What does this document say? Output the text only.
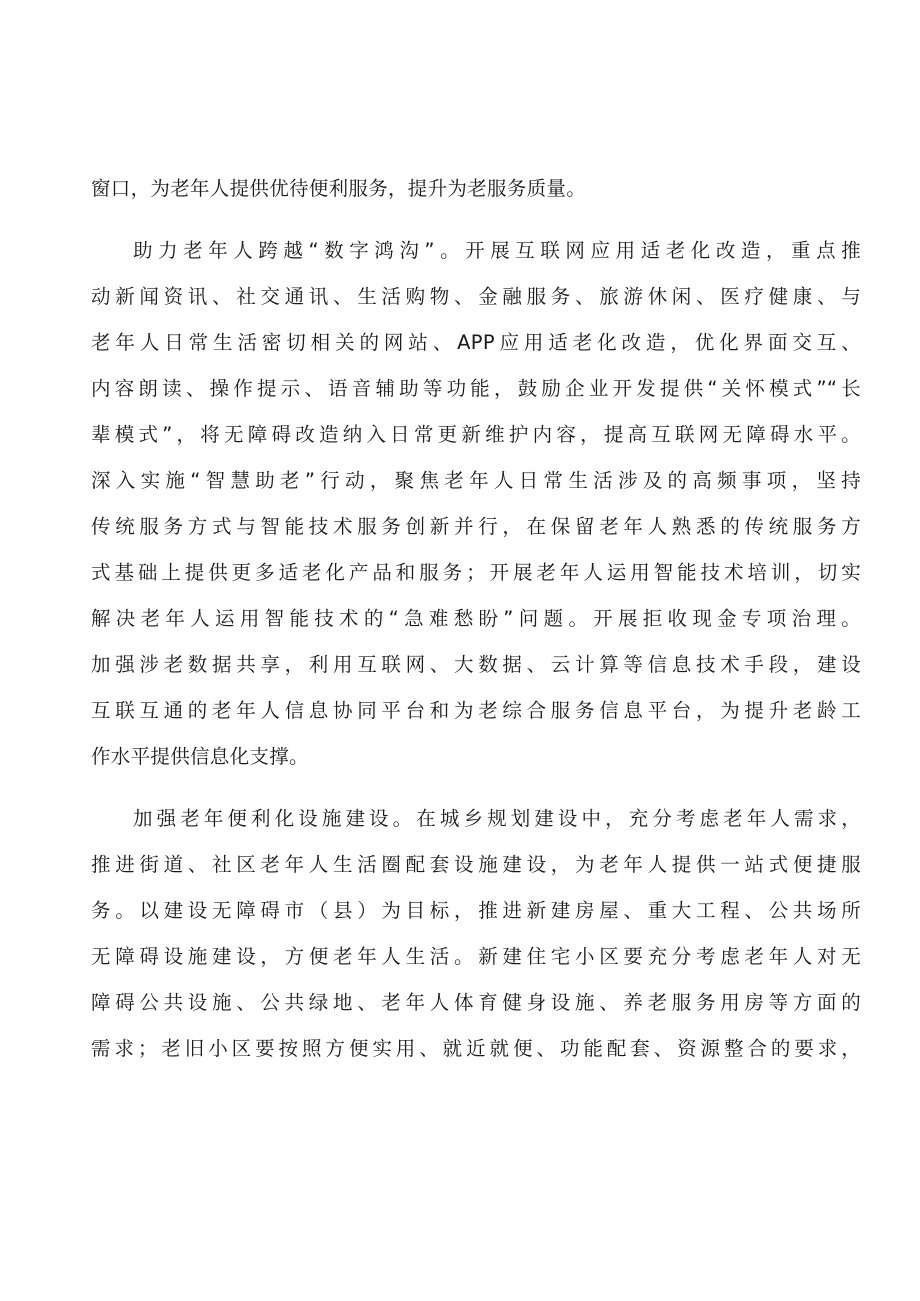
窗口，为老年人提供优待便利服务，提升为老服务质量。
助力老年人跨越“数字鸿沟”。开展互联网应用适老化改造，重点推
动新闻资讯、社交通讯、生活购物、金融服务、旅游休闲、医疗健康、与
老年人日常生活密切相关的网站、APP应用适老化改造，优化界面交互、
内容朗读、操作提示、语音辅助等功能，鼓励企业开发提供“关怀模式”“长
辈模式”，将无障碍改造纳入日常更新维护内容，提高互联网无障碍水平。
深入实施“智慧助老”行动，聚焦老年人日常生活涉及的高频事项，坚持
传统服务方式与智能技术服务创新并行，在保留老年人熟悉的传统服务方
式基础上提供更多适老化产品和服务；开展老年人运用智能技术培训，切实
解决老年人运用智能技术的“急难愁盼”问题。开展拒收现金专项治理。
加强涉老数据共享，利用互联网、大数据、云计算等信息技术手段，建设
互联互通的老年人信息协同平台和为老综合服务信息平台，为提升老龄工
作水平提供信息化支撑。
加强老年便利化设施建设。在城乡规划建设中，充分考虑老年人需求，
推进街道、社区老年人生活圈配套设施建设，为老年人提供一站式便捷服
务。以建设无障碍市（县）为目标，推进新建房屋、重大工程、公共场所
无障碍设施建设，方便老年人生活。新建住宅小区要充分考虑老年人对无
障碍公共设施、公共绿地、老年人体育健身设施、养老服务用房等方面的
需求；老旧小区要按照方便实用、就近就便、功能配套、资源整合的要求，
